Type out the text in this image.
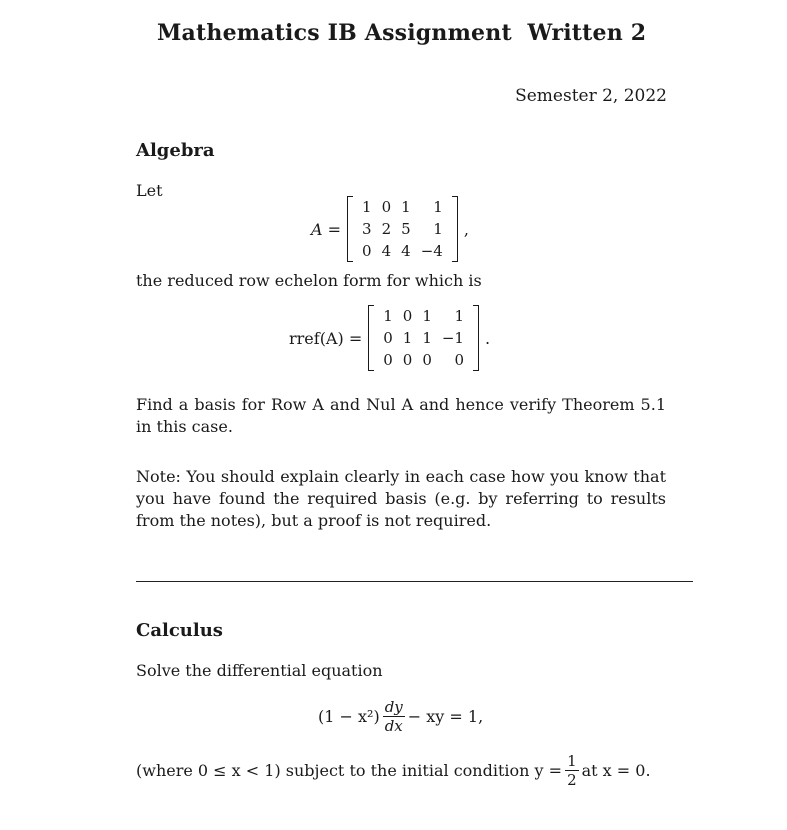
Mathematics IB Assignment  Written 2
Semester 2, 2022
Algebra
Let
A =
1	0	1	1
3	2	5	1
0	4	4	−4
,
the reduced row echelon form for which is
rref(A) =
1	0	1	1
0	1	1	−1
0	0	0	0
.
Find a basis for Row A and Nul A and hence verify Theorem 5.1 in this case.
Note: You should explain clearly in each case how you know that you have found the required basis (e.g. by referring to results from the notes), but a proof is not required.
Calculus
Solve the differential equation
$(1 - x^2) \frac{dy}{dx}$ − xy = 1,
(where 0 ≤ x < 1) subject to the initial condition $y = \frac{1}{2}$ at x = 0.
